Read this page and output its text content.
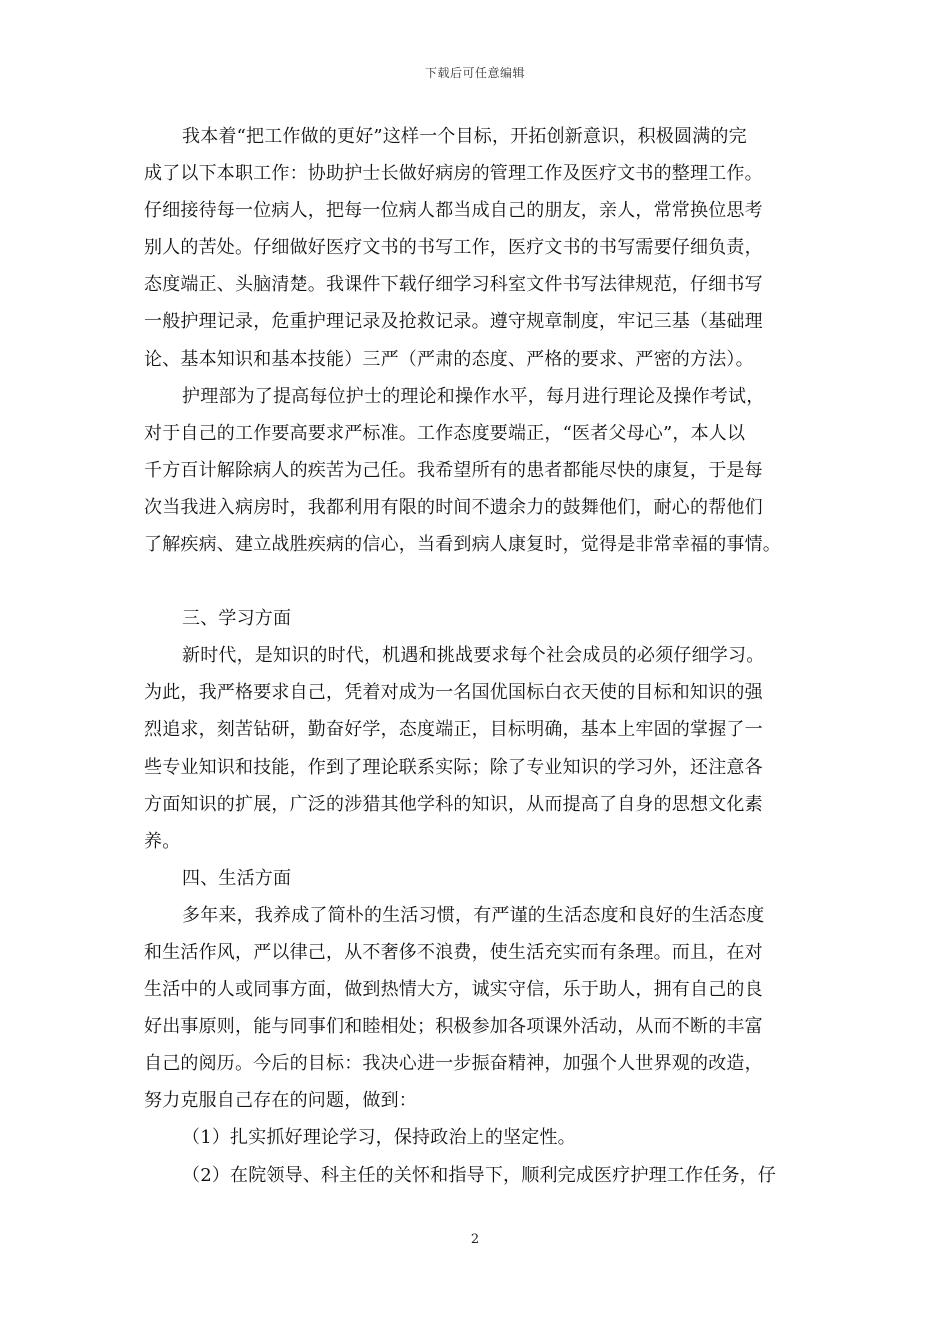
下载后可任意编辑

我本着“把工作做的更好”这样一个目标，开拓创新意识，积极圆满的完

成了以下本职工作：协助护士长做好病房的管理工作及医疗文书的整理工作。

仔细接待每一位病人，把每一位病人都当成自己的朋友，亲人，常常换位思考

别人的苦处。仔细做好医疗文书的书写工作，医疗文书的书写需要仔细负责，

态度端正、头脑清楚。我课件下载仔细学习科室文件书写法律规范，仔细书写

一般护理记录，危重护理记录及抢救记录。遵守规章制度，牢记三基（基础理

论、基本知识和基本技能）三严（严肃的态度、严格的要求、严密的方法）。

护理部为了提高每位护士的理论和操作水平，每月进行理论及操作考试，

对于自己的工作要高要求严标准。工作态度要端正，“医者父母心”，本人以

千方百计解除病人的疾苦为己任。我希望所有的患者都能尽快的康复，于是每

次当我进入病房时，我都利用有限的时间不遗余力的鼓舞他们，耐心的帮他们

了解疾病、建立战胜疾病的信心，当看到病人康复时，觉得是非常幸福的事情。

三、学习方面

新时代，是知识的时代，机遇和挑战要求每个社会成员的必须仔细学习。

为此，我严格要求自己，凭着对成为一名国优国标白衣天使的目标和知识的强

烈追求，刻苦钻研，勤奋好学，态度端正，目标明确，基本上牢固的掌握了一

些专业知识和技能，作到了理论联系实际；除了专业知识的学习外，还注意各

方面知识的扩展，广泛的涉猎其他学科的知识，从而提高了自身的思想文化素

养。

四、生活方面

多年来，我养成了简朴的生活习惯，有严谨的生活态度和良好的生活态度

和生活作风，严以律己，从不奢侈不浪费，使生活充实而有条理。而且，在对

生活中的人或同事方面，做到热情大方，诚实守信，乐于助人，拥有自己的良

好出事原则，能与同事们和睦相处；积极参加各项课外活动，从而不断的丰富

自己的阅历。今后的目标：我决心进一步振奋精神，加强个人世界观的改造，

努力克服自己存在的问题，做到：

（1）扎实抓好理论学习，保持政治上的坚定性。

（2）在院领导、科主任的关怀和指导下，顺利完成医疗护理工作任务，仔

2
